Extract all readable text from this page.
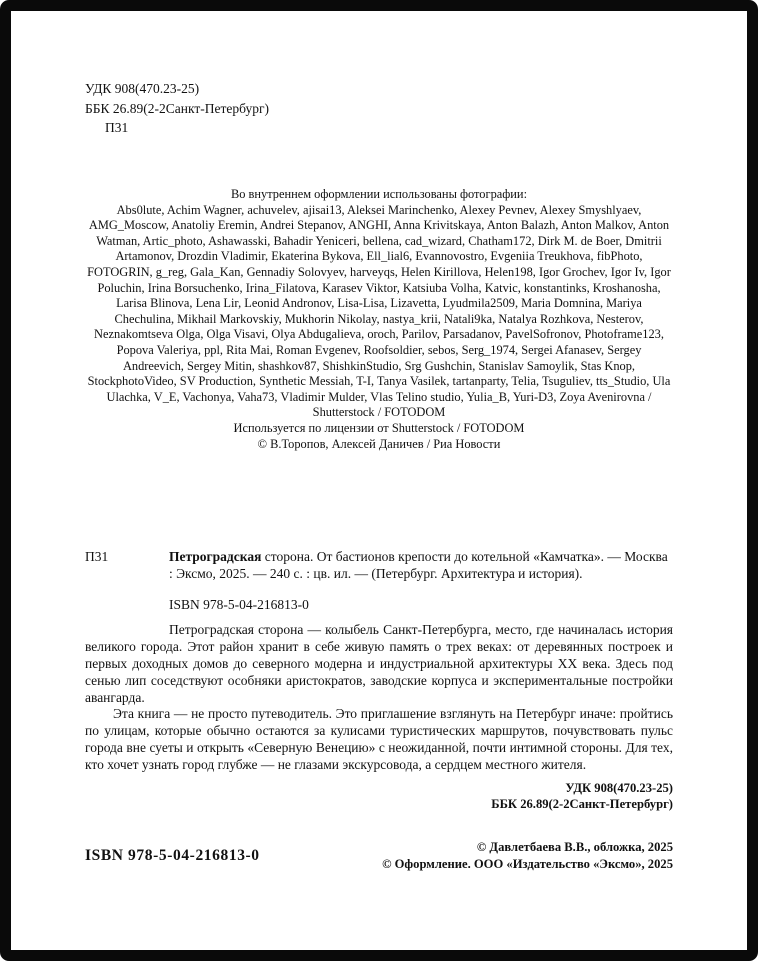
УДК 908(470.23-25)
ББК 26.89(2-2Санкт-Петербург)
П31
Во внутреннем оформлении использованы фотографии:
Abs0lute, Achim Wagner, achuvelev, ajisai13, Aleksei Marinchenko, Alexey Pevnev, Alexey Smyshlyaev, AMG_Moscow, Anatoliy Eremin, Andrei Stepanov, ANGHI, Anna Krivitskaya, Anton Balazh, Anton Malkov, Anton Watman, Artic_photo, Ashawasski, Bahadir Yeniceri, bellena, cad_wizard, Chatham172, Dirk M. de Boer, Dmitrii Artamonov, Drozdin Vladimir, Ekaterina Bykova, Ell_lial6, Evannovostro, Evgeniia Treukhova, fibPhoto, FOTOGRIN, g_reg, Gala_Kan, Gennadiy Solovyev, harveyqs, Helen Kirillova, Helen198, Igor Grochev, Igor Iv, Igor Poluchin, Irina Borsuchenko, Irina_Filatova, Karasev Viktor, Katsiuba Volha, Katvic, konstantinks, Kroshanosha, Larisa Blinova, Lena Lir, Leonid Andronov, Lisa-Lisa, Lizavetta, Lyudmila2509, Maria Domnina, Mariya Chechulina, Mikhail Markovskiy, Mukhorin Nikolay, nastya_krii, Natali9ka, Natalya Rozhkova, Nesterov, Neznakomtseva Olga, Olga Visavi, Olya Abdugalieva, oroch, Parilov, Parsadanov, PavelSofronov, Photoframe123, Popova Valeriya, ppl, Rita Mai, Roman Evgenev, Roofsoldier, sebos, Serg_1974, Sergei Afanasev, Sergey Andreevich, Sergey Mitin, shashkov87, ShishkinStudio, Srg Gushchin, Stanislav Samoylik, Stas Knop, StockphotoVideo, SV Production, Synthetic Messiah, T-I, Tanya Vasilek, tartanparty, Telia, Tsuguliev, tts_Studio, Ula Ulachka, V_E, Vachonya, Vaha73, Vladimir Mulder, Vlas Telino studio, Yulia_B, Yuri-D3, Zoya Avenirovna / Shutterstock / FOTODOM
Используется по лицензии от Shutterstock / FOTODOM
© В.Торопов, Алексей Даничев / Риа Новости
П31	Петроградская сторона. От бастионов крепости до котельной «Камчатка». — Москва : Эксмо, 2025. — 240 с. : цв. ил. — (Петербург. Архитектура и история).

ISBN 978-5-04-216813-0

Петроградская сторона — колыбель Санкт-Петербурга, место, где начиналась история великого города. Этот район хранит в себе живую память о трех веках: от деревянных построек и первых доходных домов до северного модерна и индустриальной архитектуры XX века. Здесь под сенью лип соседствуют особняки аристократов, заводские корпуса и экспериментальные постройки авангарда.

Эта книга — не просто путеводитель. Это приглашение взглянуть на Петербург иначе: пройтись по улицам, которые обычно остаются за кулисами туристических маршрутов, почувствовать пульс города вне суеты и открыть «Северную Венецию» с неожиданной, почти интимной стороны. Для тех, кто хочет узнать город глубже — не глазами экскурсовода, а сердцем местного жителя.

УДК 908(470.23-25)
ББК 26.89(2-2Санкт-Петербург)
ISBN 978-5-04-216813-0	© Давлетбаева В.В., обложка, 2025
© Оформление. ООО «Издательство «Эксмо», 2025
